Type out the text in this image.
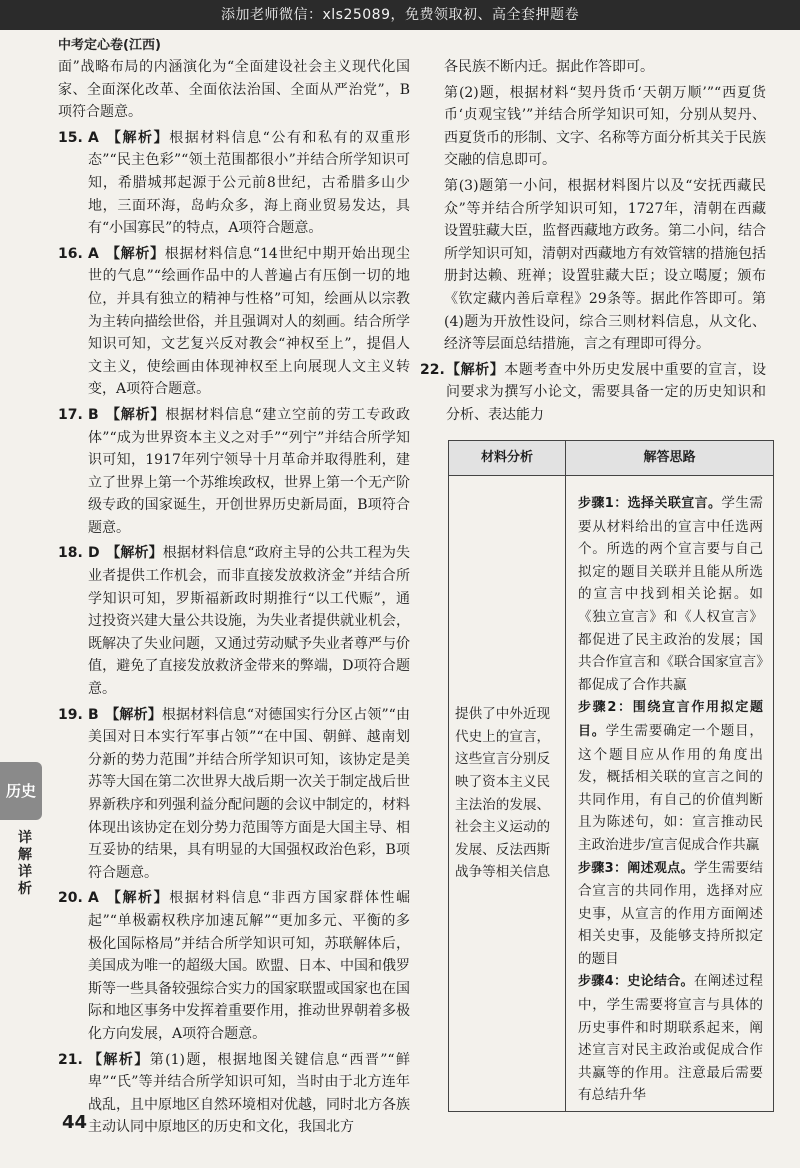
添加老师微信：xls25089，免费领取初、高全套押题卷
中考定心卷(江西)

面”战略布局的内涵演化为“全面建设社会主义现代化国家、全面深化改革、全面依法治国、全面从严治党”，B项符合题意。

15. A 【解析】根据材料信息“公有和私有的双重形态”“民主色彩”“领土范围都很小”并结合所学知识可知，希腊城邦起源于公元前8世纪，古希腊多山少地，三面环海，岛屿众多，海上商业贸易发达，具有“小国寡民”的特点，A项符合题意。
16. A 【解析】根据材料信息“14世纪中期开始出现尘世的气息”“绘画作品中的人普遍占有压倒一切的地位，并具有独立的精神与性格”可知，绘画从以宗教为主转向描绘世俗，并且强调对人的刻画。结合所学知识可知，文艺复兴反对教会“神权至上”，提倡人文主义，使绘画由体现神权至上向展现人文主义转变，A项符合题意。
17. B 【解析】根据材料信息“建立空前的劳工专政政体”“成为世界资本主义之对手”“列宁”并结合所学知识可知，1917年列宁领导十月革命并取得胜利，建立了世界上第一个苏维埃政权，世界上第一个无产阶级专政的国家诞生，开创世界历史新局面，B项符合题意。
18. D 【解析】根据材料信息“政府主导的公共工程为失业者提供工作机会，而非直接发放救济金”并结合所学知识可知，罗斯福新政时期推行“以工代赈”，通过投资兴建大量公共设施，为失业者提供就业机会，既解决了失业问题，又通过劳动赋予失业者尊严与价值，避免了直接发放救济金带来的弊端，D项符合题意。
19. B 【解析】根据材料信息“对德国实行分区占领”“由美国对日本实行军事占领”“在中国、朝鲜、越南划分新的势力范围”并结合所学知识可知，该协定是美苏等大国在第二次世界大战后期一次关于制定战后世界新秩序和列强利益分配问题的会议中制定的，材料体现出该协定在划分势力范围等方面是大国主导、相互妥协的结果，具有明显的大国强权政治色彩，B项符合题意。
20. A 【解析】根据材料信息“非西方国家群体性崛起”“单极霸权秩序加速瓦解”“更加多元、平衡的多极化国际格局”并结合所学知识可知，苏联解体后，美国成为唯一的超级大国。欧盟、日本、中国和俄罗斯等一些具备较强综合实力的国家联盟或国家也在国际和地区事务中发挥着重要作用，推动世界朝着多极化方向发展，A项符合题意。
21. 【解析】第(1)题，根据地图关键信息“西晋”“鲜卑”“氏”等并结合所学知识可知，当时由于北方连年战乱，且中原地区自然环境相对优越，同时北方各族主动认同中原地区的历史和文化，我国北方

各民族不断内迁。据此作答即可。

第(2)题，根据材料“契丹货币‘天朝万顺’”“西夏货币‘贞观宝钱’”并结合所学知识可知，分别从契丹、西夏货币的形制、文字、名称等方面分析其关于民族交融的信息即可。

第(3)题第一小问，根据材料图片以及“安抚西藏民众”等并结合所学知识可知，1727年，清朝在西藏设置驻藏大臣，监督西藏地方政务。第二小问，结合所学知识可知，清朝对西藏地方有效管辖的措施包括册封达赖、班禅；设置驻藏大臣；设立噶厦；颁布《钦定藏内善后章程》29条等。据此作答即可。第(4)题为开放性设问，综合三则材料信息，从文化、经济等层面总结措施，言之有理即可得分。

22. 【解析】本题考查中外历史发展中重要的宣言，设问要求为撰写小论文，需要具备一定的历史知识和分析、表达能力
材料分析	解答思路
提供了中外近现代史上的宣言，这些宣言分别反映了资本主义民主法治的发展、社会主义运动的发展、反法西斯战争等相关信息	步骤1：选择关联宣言。学生需要从材料给出的宣言中任选两个。所选的两个宣言要与自己拟定的题目关联并且能从所选的宣言中找到相关论据。如《独立宣言》和《人权宣言》都促进了民主政治的发展；国共合作宣言和《联合国家宣言》都促成了合作共赢

步骤2：围绕宣言作用拟定题目。学生需要确定一个题目，这个题目应从作用的角度出发，概括相关联的宣言之间的共同作用，有自己的价值判断且为陈述句，如：宣言推动民主政治进步/宣言促成合作共赢

步骤3：阐述观点。学生需要结合宣言的共同作用，选择对应史事，从宣言的作用方面阐述相关史事，及能够支持所拟定的题目

步骤4：史论结合。在阐述过程中，学生需要将宣言与具体的历史事件和时期联系起来，阐述宣言对民主政治或促成合作共赢等的作用。注意最后需要有总结升华

历史
详解详析
44
